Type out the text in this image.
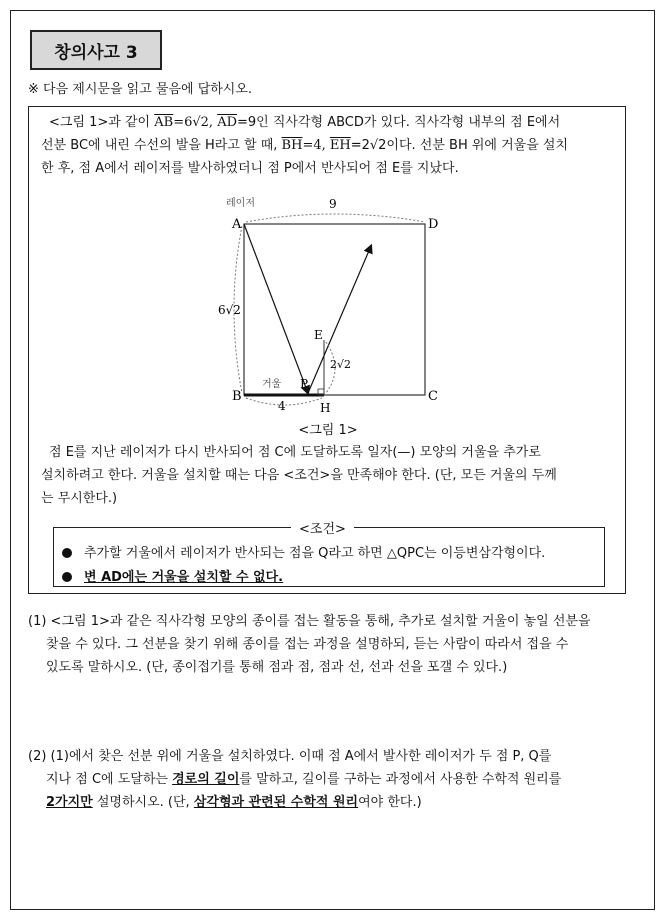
창의사고 3
※ 다음 제시문을 읽고 물음에 답하시오.
<그림 1>과 같이 $\overline{AB}=6√2$, $\overline{AD}=9$인 직사각형 ABCD가 있다. 직사각형 내부의 점 E에서
선분 BC에 내린 수선의 발을 H라고 할 때, $\overline{BH}=4$, $\overline{EH}=2√2$이다. 선분 BH 위에 거울을 설치
한 후, 점 A에서 레이저를 발사하였더니 점 P에서 반사되어 점 E를 지났다.
A
레이저
D
B	C
H
E
P
9
6√2
4
2√2
거울
<그림 1>
점 E를 지난 레이저가 다시 반사되어 점 C에 도달하도록 일자(—) 모양의 거울을 추가로
설치하려고 한다. 거울을 설치할 때는 다음 <조건>을 만족해야 한다. (단, 모든 거울의 두께
는 무시한다.)
<조건>
추가할 거울에서 레이저가 반사되는 점을 Q라고 하면 △QPC는 이등변삼각형이다.
변 AD에는 거울을 설치할 수 없다.
(1) <그림 1>과 같은 직사각형 모양의 종이를 접는 활동을 통해, 추가로 설치할 거울이 놓일 선분을
찾을 수 있다. 그 선분을 찾기 위해 종이를 접는 과정을 설명하되, 듣는 사람이 따라서 접을 수
있도록 말하시오. (단, 종이접기를 통해 점과 점, 점과 선, 선과 선을 포갤 수 있다.)
(2) (1)에서 찾은 선분 위에 거울을 설치하였다. 이때 점 A에서 발사한 레이저가 두 점 P, Q를
지나 점 C에 도달하는 경로의 길이를 말하고, 길이를 구하는 과정에서 사용한 수학적 원리를
2가지만 설명하시오. (단, 삼각형과 관련된 수학적 원리여야 한다.)
